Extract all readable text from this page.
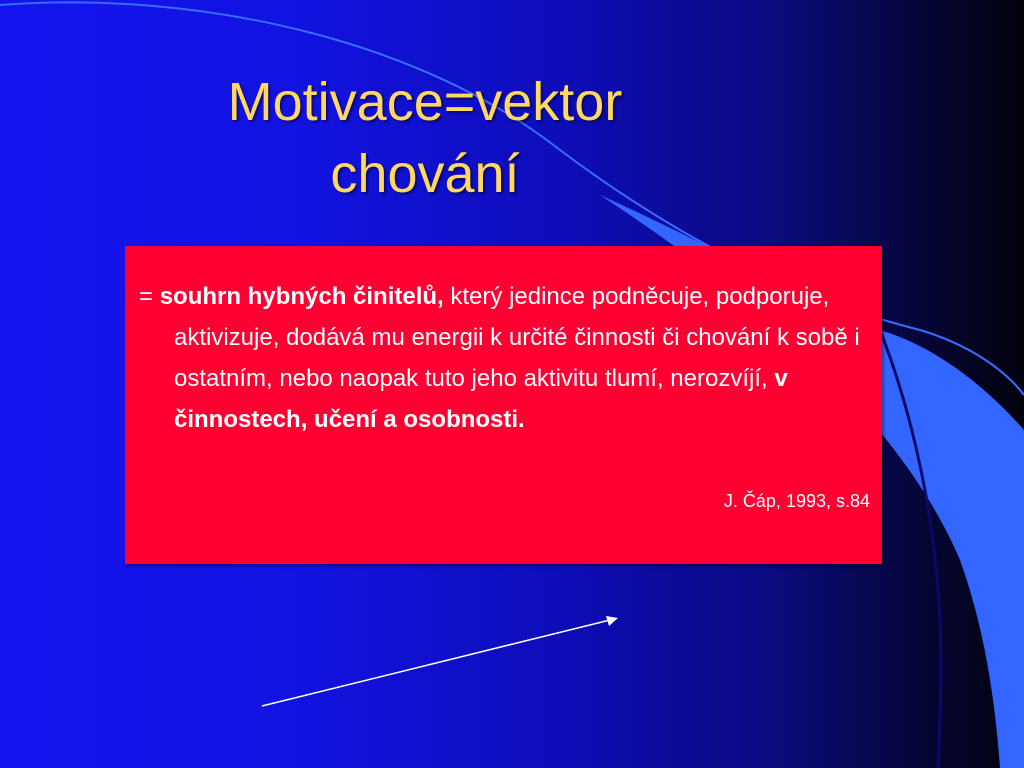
Motivace=vektor
chování

= souhrn hybných činitelů, který jedince podněcuje, podporuje, aktivizuje, dodává mu energii k určité činnosti či chování k sobě i ostatním, nebo naopak tuto jeho aktivitu tlumí, nerozvíjí, v činnostech, učení a osobnosti.

J. Čáp, 1993, s.84
